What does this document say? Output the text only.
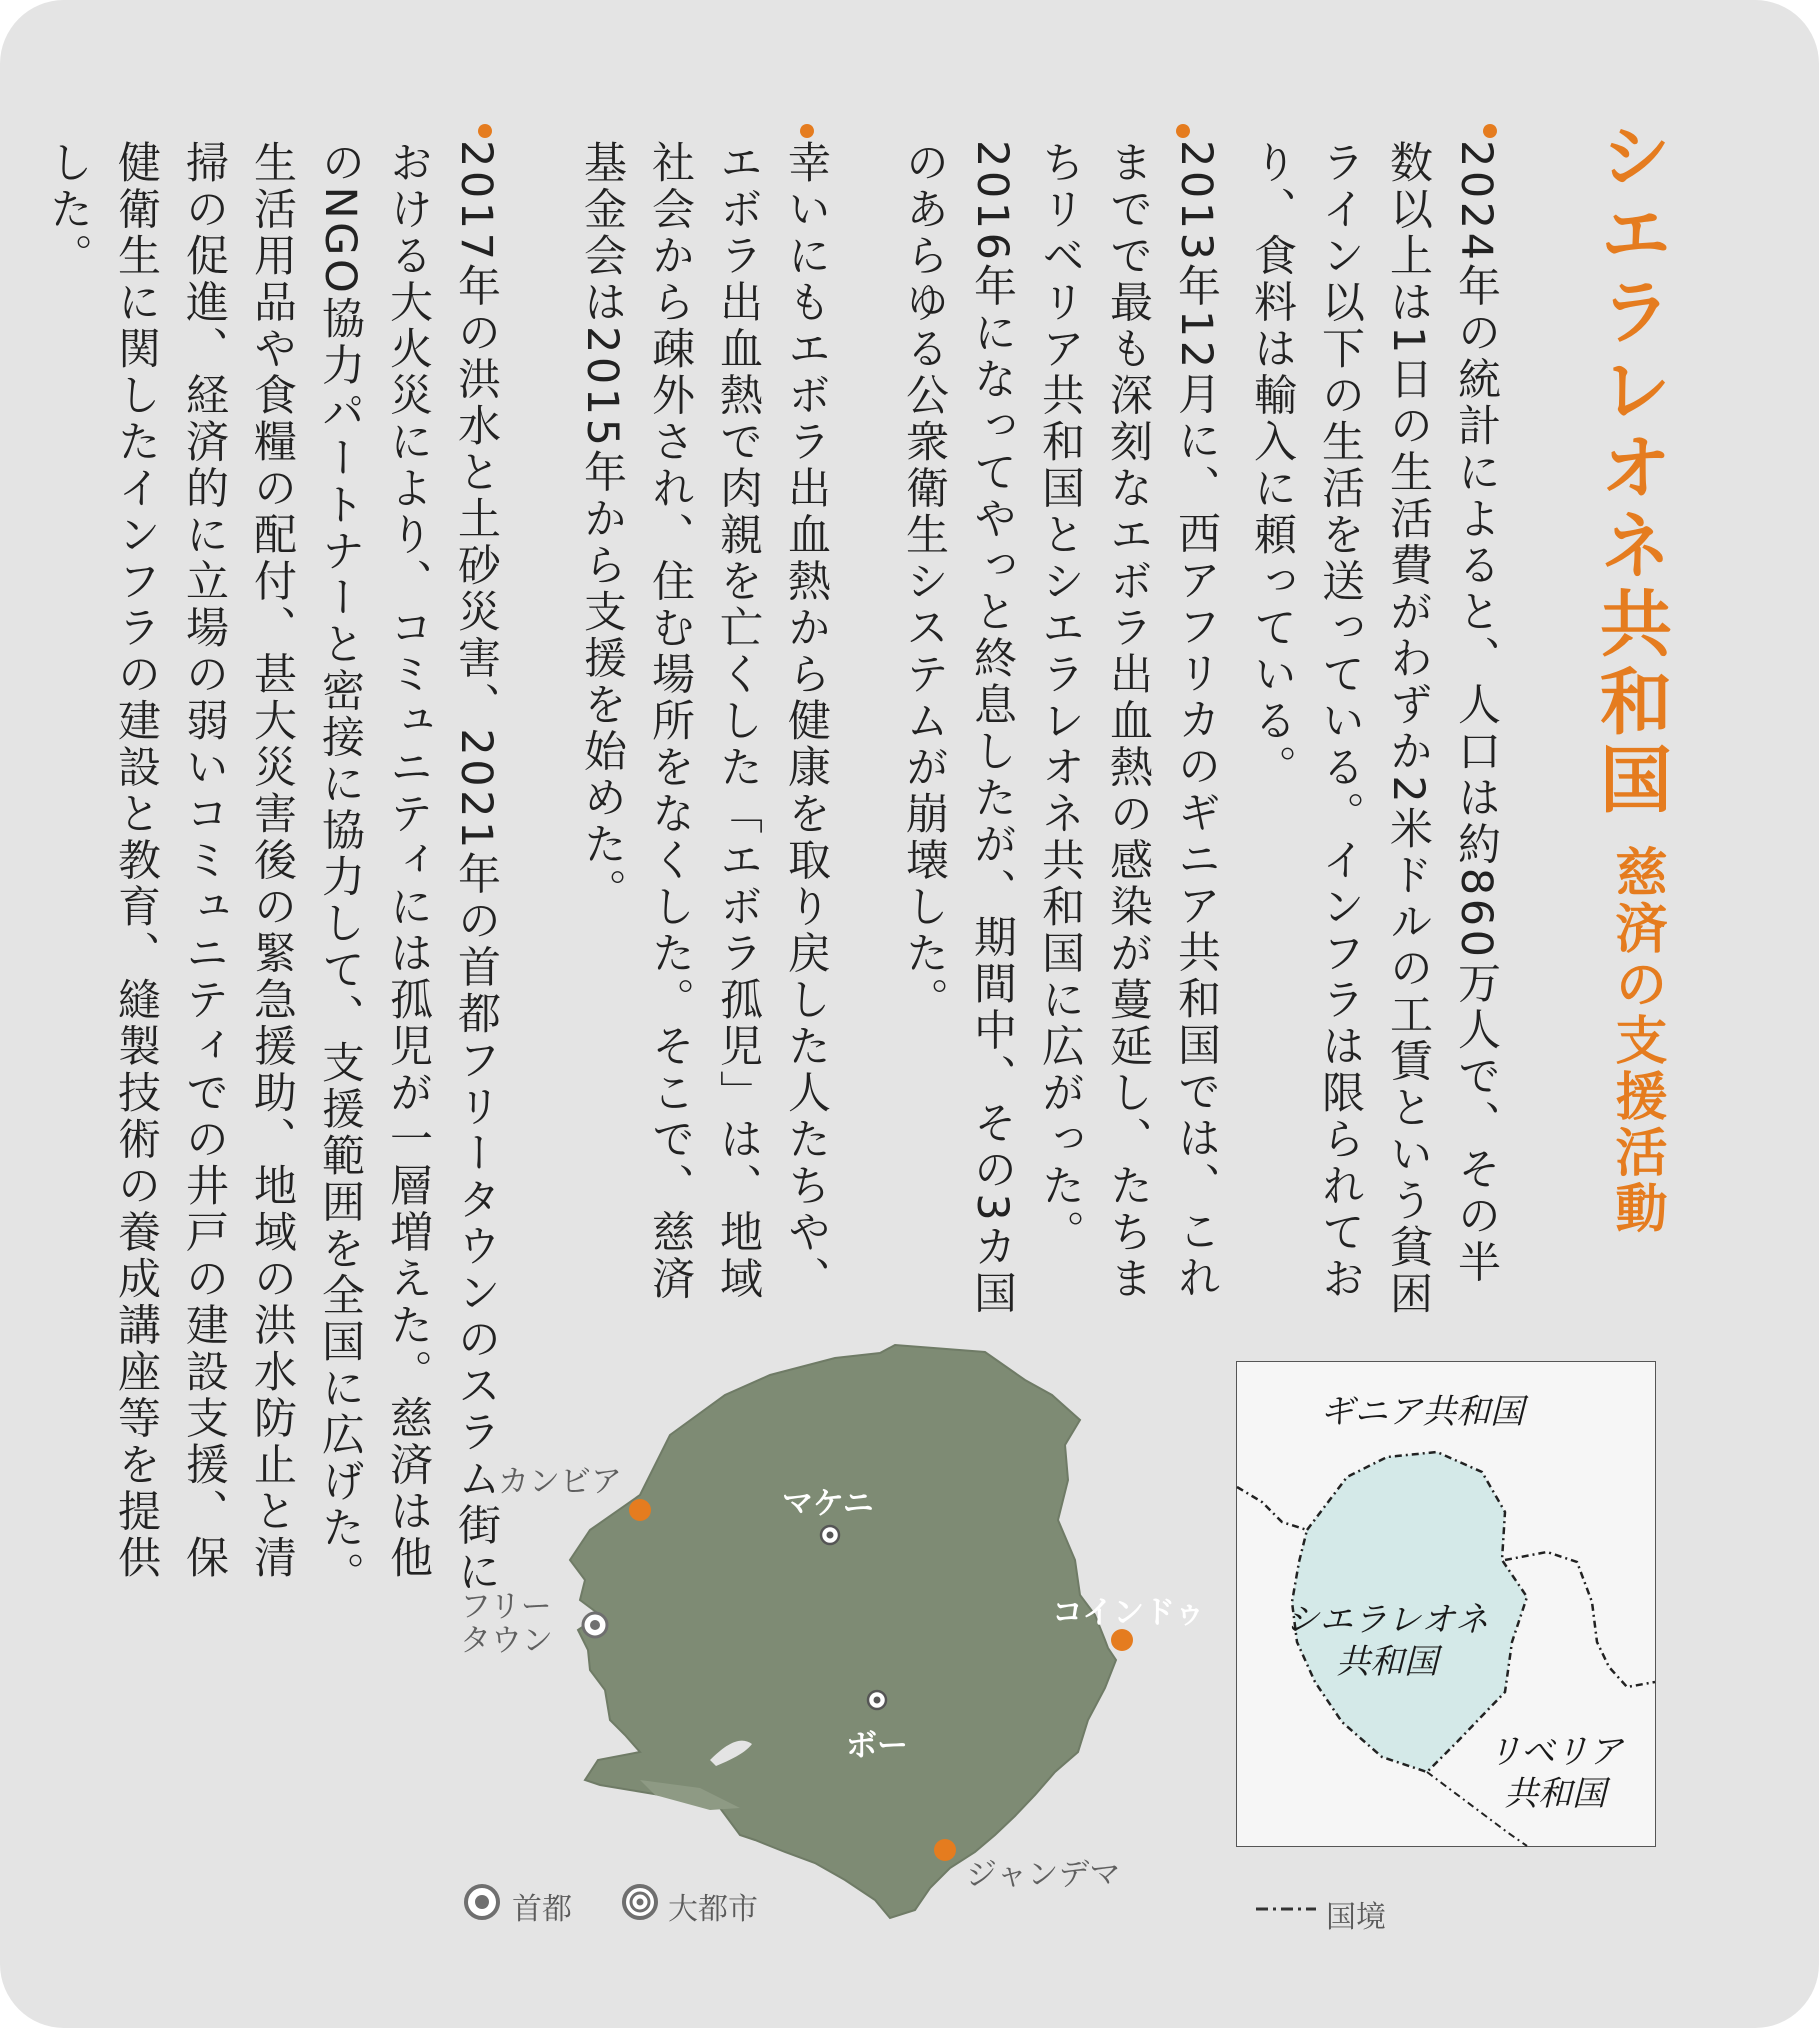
シエラレオネ共和国
慈済の支援活動

2024年の統計によると、人口は約860万人で、その半数以上は1日の生活費がわずか2米ドルの工賃という貧困ライン以下の生活を送っている。インフラは限られており、食料は輸入に頼っている。

2013年12月に、西アフリカのギニア共和国では、これまでで最も深刻なエボラ出血熱の感染が蔓延し、たちまちリベリア共和国とシエラレオネ共和国に広がった。2016年になってやっと終息したが、期間中、その3カ国のあらゆる公衆衛生システムが崩壊した。

幸いにもエボラ出血熱から健康を取り戻した人たちや、エボラ出血熱で肉親を亡くした「エボラ孤児」は、地域社会から疎外され、住む場所をなくした。そこで、慈済基金会は2015年から支援を始めた。

2017年の洪水と土砂災害、2021年の首都フリータウンのスラム街における大火災により、コミュニティには孤児が一層増えた。慈済は他のNGO協力パートナーと密接に協力して、支援範囲を全国に広げた。生活用品や食糧の配付、甚大災害後の緊急援助、地域の洪水防止と清掃の促進、経済的に立場の弱いコミュニティでの井戸の建設支援、保健衛生に関したインフラの建設と教育、縫製技術の養成講座等を提供した。

カンビア
フリー
タウン
マケニ
コインドゥ
ボー
ジャンデマ
首都	大都市

ギニア共和国

シエラレオネ

共和国

リベリア

共和国

国境
